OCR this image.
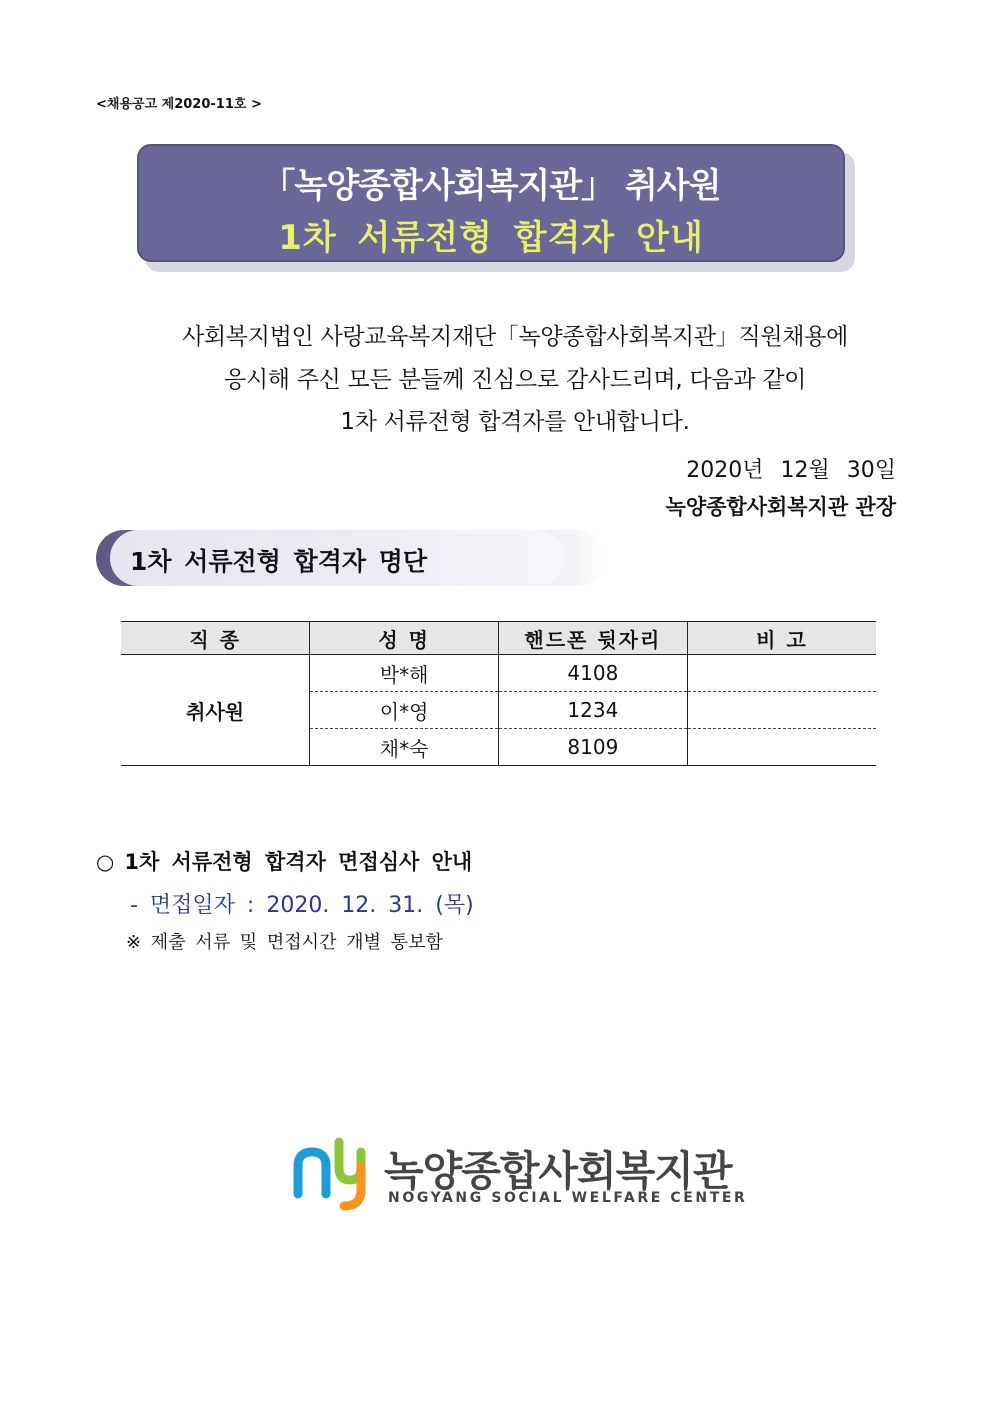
<채용공고 제2020-11호 >
「녹양종합사회복지관」 취사원
1차 서류전형 합격자 안내
사회복지법인 사랑교육복지재단「녹양종합사회복지관」직원채용에
응시해 주신 모든 분들께 진심으로 감사드리며, 다음과 같이
1차 서류전형 합격자를 안내합니다.
2020년 12월 30일
녹양종합사회복지관 관장
1차 서류전형 합격자 명단
직 종	성 명	핸드폰 뒷자리	비 고
취사원	박*해	4108	
	이*영	1234	
	채*숙	8109	
○ 1차 서류전형 합격자 면접심사 안내
- 면접일자 : 2020. 12. 31. (목)
※ 제출 서류 및 면접시간 개별 통보함
녹양종합사회복지관
NOGYANG SOCIAL WELFARE CENTER
